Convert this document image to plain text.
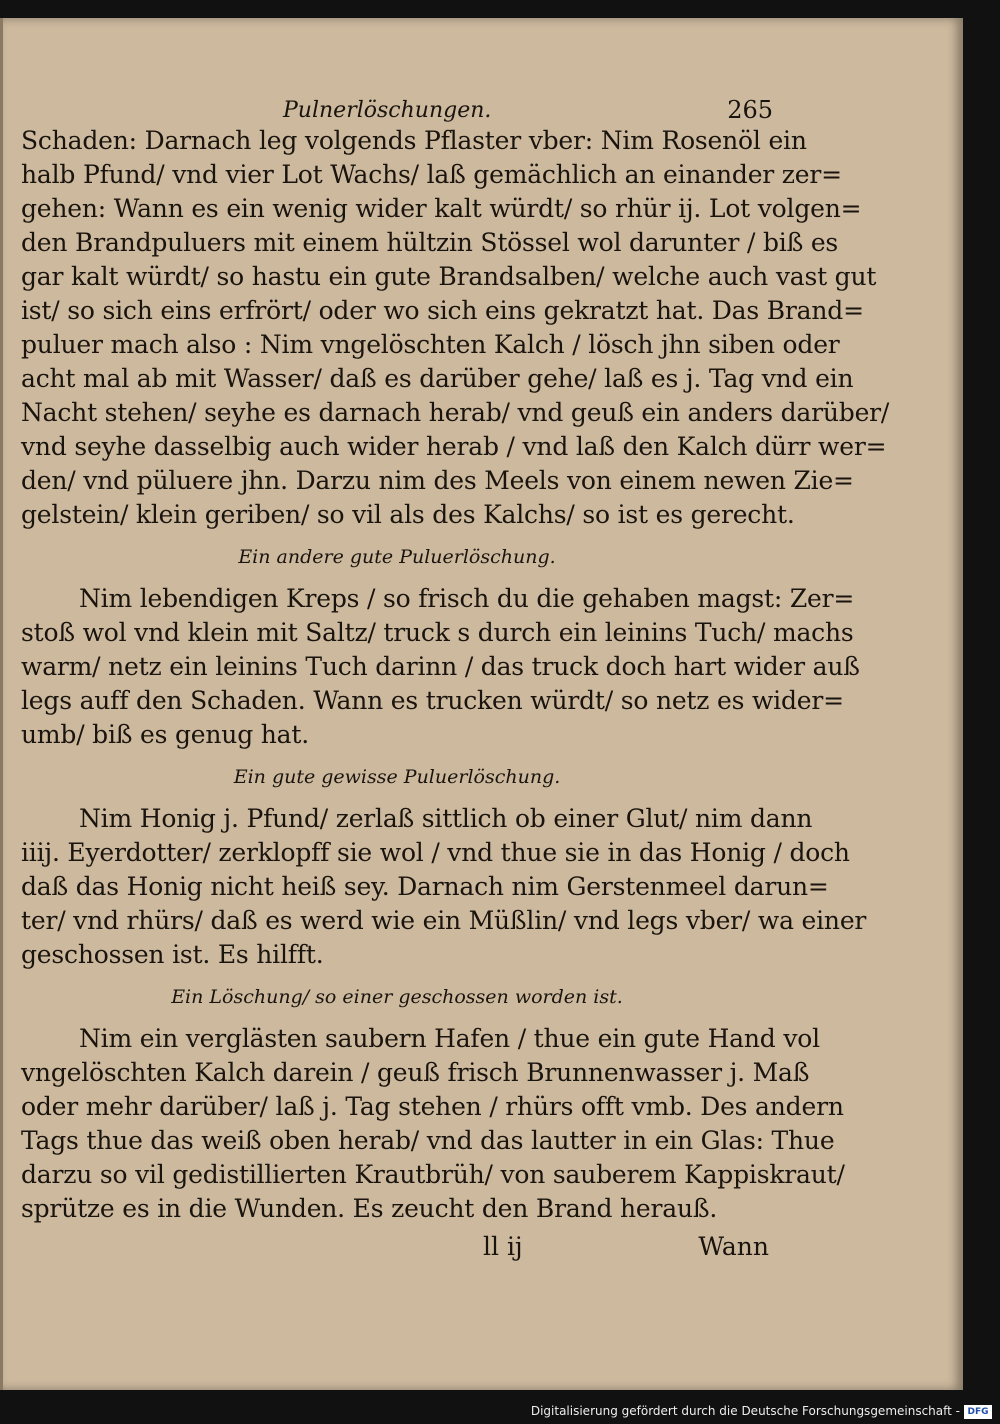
Pulnerlöschungen.	265
Schaden: Darnach leg volgends Pflaster vber: Nim Rosenöl ein
halb Pfund/ vnd vier Lot Wachs/ laß gemächlich an einander zer=
gehen: Wann es ein wenig wider kalt würdt/ so rhür ij. Lot volgen=
den Brandpuluers mit einem hültzin Stössel wol darunter / biß es
gar kalt würdt/ so hastu ein gute Brandsalben/ welche auch vast gut
ist/ so sich eins erfrört/ oder wo sich eins gekratzt hat. Das Brand=
puluer mach also : Nim vngelöschten Kalch / lösch jhn siben oder
acht mal ab mit Wasser/ daß es darüber gehe/ laß es j. Tag vnd ein
Nacht stehen/ seyhe es darnach herab/ vnd geuß ein anders darüber/
vnd seyhe dasselbig auch wider herab / vnd laß den Kalch dürr wer=
den/ vnd püluere jhn. Darzu nim des Meels von einem newen Zie=
gelstein/ klein gerіben/ so vil als des Kalchs/ so ist es gerecht.
Ein andere gute Puluerlöschung.
Nim lebendigen Kreps / so frisch du die gehaben magst: Zer=
stoß wol vnd klein mit Saltz/ truck s durch ein leinins Tuch/ machs
warm/ netz ein leinins Tuch darinn / das truck doch hart wider auß
legs auff den Schaden. Wann es trucken würdt/ so netz es wider=
umb/ biß es genug hat.
Ein gute gewisse Puluerlöschung.
Nim Honig j. Pfund/ zerlaß sittlich ob einer Glut/ nim dann
iiij. Eyerdotter/ zerklopff sie wol / vnd thue sie in das Honig / doch
daß das Honig nicht heiß sey. Darnach nim Gerstenmeel darun=
ter/ vnd rhürs/ daß es werd wie ein Müßlin/ vnd legs vber/ wa einer
geschossen ist. Es hilfft.
Ein Löschung/ so einer geschossen worden ist.
Nim ein verglästen saubern Hafen / thue ein gute Hand vol
vngelöschten Kalch darein / geuß frisch Brunnenwasser j. Maß
oder mehr darüber/ laß j. Tag stehen / rhürs offt vmb. Des andern
Tags thue das weiß oben herab/ vnd das lautter in ein Glas: Thue
darzu so vil gedistillierten Krautbrüh/ von sauberem Kappiskraut/
sprütze es in die Wunden. Es zeucht den Brand herauß.
ll ij	Wann
Digitalisierung gefördert durch die Deutsche Forschungsgemeinschaft - DFG
